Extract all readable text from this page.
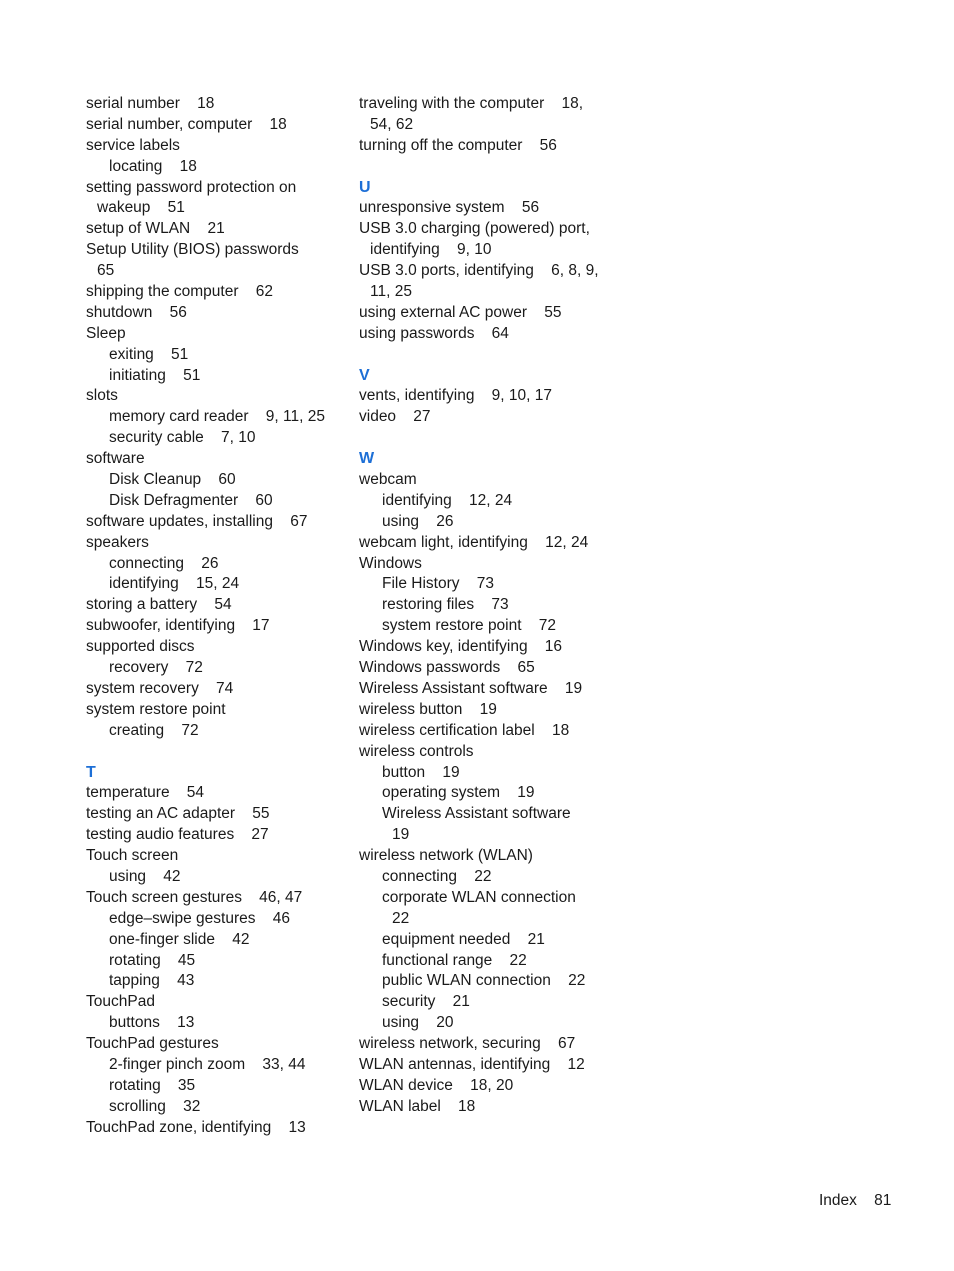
serial number    18
serial number, computer    18
service labels
locating    18
setting password protection on
wakeup    51
setup of WLAN    21
Setup Utility (BIOS) passwords
65
shipping the computer    62
shutdown    56
Sleep
exiting    51
initiating    51
slots
memory card reader    9, 11, 25
security cable    7, 10
software
Disk Cleanup    60
Disk Defragmenter    60
software updates, installing    67
speakers
connecting    26
identifying    15, 24
storing a battery    54
subwoofer, identifying    17
supported discs
recovery    72
system recovery    74
system restore point
creating    72
T
temperature    54
testing an AC adapter    55
testing audio features    27
Touch screen
using    42
Touch screen gestures    46, 47
edge–swipe gestures    46
one-finger slide    42
rotating    45
tapping    43
TouchPad
buttons    13
TouchPad gestures
2-finger pinch zoom    33, 44
rotating    35
scrolling    32
TouchPad zone, identifying    13
traveling with the computer    18,
54, 62
turning off the computer    56
U
unresponsive system    56
USB 3.0 charging (powered) port,
identifying    9, 10
USB 3.0 ports, identifying    6, 8, 9,
11, 25
using external AC power    55
using passwords    64
V
vents, identifying    9, 10, 17
video    27
W
webcam
identifying    12, 24
using    26
webcam light, identifying    12, 24
Windows
File History    73
restoring files    73
system restore point    72
Windows key, identifying    16
Windows passwords    65
Wireless Assistant software    19
wireless button    19
wireless certification label    18
wireless controls
button    19
operating system    19
Wireless Assistant software
19
wireless network (WLAN)
connecting    22
corporate WLAN connection
22
equipment needed    21
functional range    22
public WLAN connection    22
security    21
using    20
wireless network, securing    67
WLAN antennas, identifying    12
WLAN device    18, 20
WLAN label    18
Index 81
